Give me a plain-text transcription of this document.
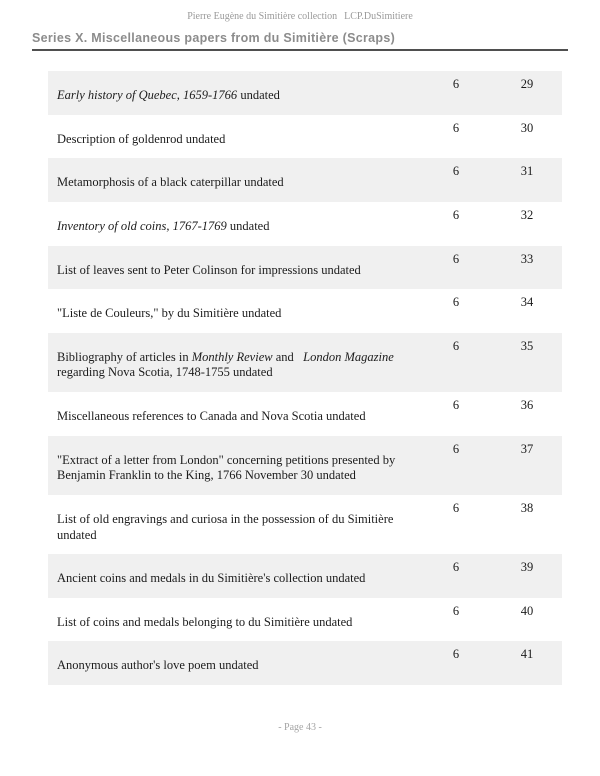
Pierre Eugène du Simitière collection LCP.DuSimitiere
Series X. Miscellaneous papers from du Simitière (Scraps)
Early history of Quebec, 1659-1766 undated
6	29
Description of goldenrod undated
6	30
Metamorphosis of a black caterpillar undated
6	31
Inventory of old coins, 1767-1769 undated
6	32
List of leaves sent to Peter Colinson for impressions undated
6	33
"Liste de Couleurs," by du Simitière undated
6	34
Bibliography of articles in Monthly Review and   London Magazine regarding Nova Scotia, 1748-1755 undated
6	35
Miscellaneous references to Canada and Nova Scotia undated
6	36
"Extract of a letter from London" concerning petitions presented by Benjamin Franklin to the King, 1766 November 30 undated
6	37
List of old engravings and curiosa in the possession of du Simitière undated
6	38
Ancient coins and medals in du Simitière's collection undated
6	39
List of coins and medals belonging to du Simitière undated
6	40
Anonymous author's love poem undated
6	41
- Page 43 -
